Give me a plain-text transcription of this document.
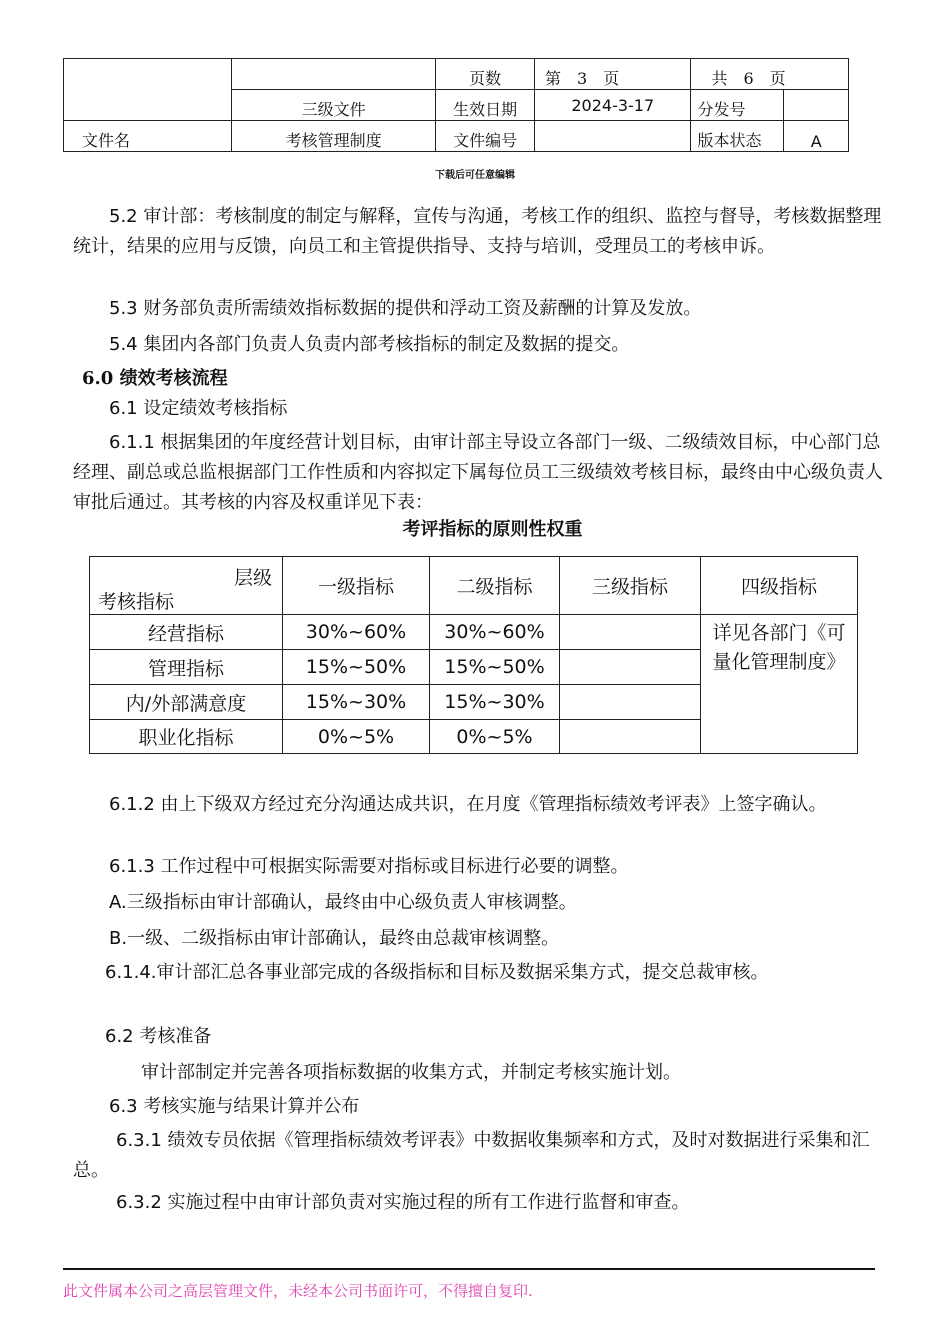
		页数	第　3　页	共　6　页	
	三级文件	生效日期	2024-3-17	分发号	
文件名	考核管理制度	文件编号		版本状态	A
下载后可任意编辑
5.2 审计部：考核制度的制定与解释，宣传与沟通，考核工作的组织、监控与督导，考核数据整理统计，结果的应用与反馈，向员工和主管提供指导、支持与培训，受理员工的考核申诉。
5.3 财务部负责所需绩效指标数据的提供和浮动工资及薪酬的计算及发放。
5.4 集团内各部门负责人负责内部考核指标的制定及数据的提交。
6.0 绩效考核流程
6.1 设定绩效考核指标
6.1.1 根据集团的年度经营计划目标，由审计部主导设立各部门一级、二级绩效目标，中心部门总经理、副总或总监根据部门工作性质和内容拟定下属每位员工三级绩效考核目标，最终由中心级负责人审批后通过。其考核的内容及权重详见下表：
考评指标的原则性权重
层级
考核指标	一级指标	二级指标	三级指标	四级指标
经营指标	30%~60%	30%~60%		详见各部门《可量化管理制度》
管理指标	15%~50%	15%~50%		
内/外部满意度	15%~30%	15%~30%		
职业化指标	0%~5%	0%~5%		
6.1.2 由上下级双方经过充分沟通达成共识，在月度《管理指标绩效考评表》上签字确认。
6.1.3 工作过程中可根据实际需要对指标或目标进行必要的调整。
A.三级指标由审计部确认，最终由中心级负责人审核调整。
B.一级、二级指标由审计部确认，最终由总裁审核调整。
6.1.4.审计部汇总各事业部完成的各级指标和目标及数据采集方式，提交总裁审核。
6.2 考核准备
审计部制定并完善各项指标数据的收集方式，并制定考核实施计划。
6.3 考核实施与结果计算并公布
6.3.1 绩效专员依据《管理指标绩效考评表》中数据收集频率和方式，及时对数据进行采集和汇总。
6.3.2 实施过程中由审计部负责对实施过程的所有工作进行监督和审查。
此文件属本公司之高层管理文件，未经本公司书面许可，不得擅自复印.
